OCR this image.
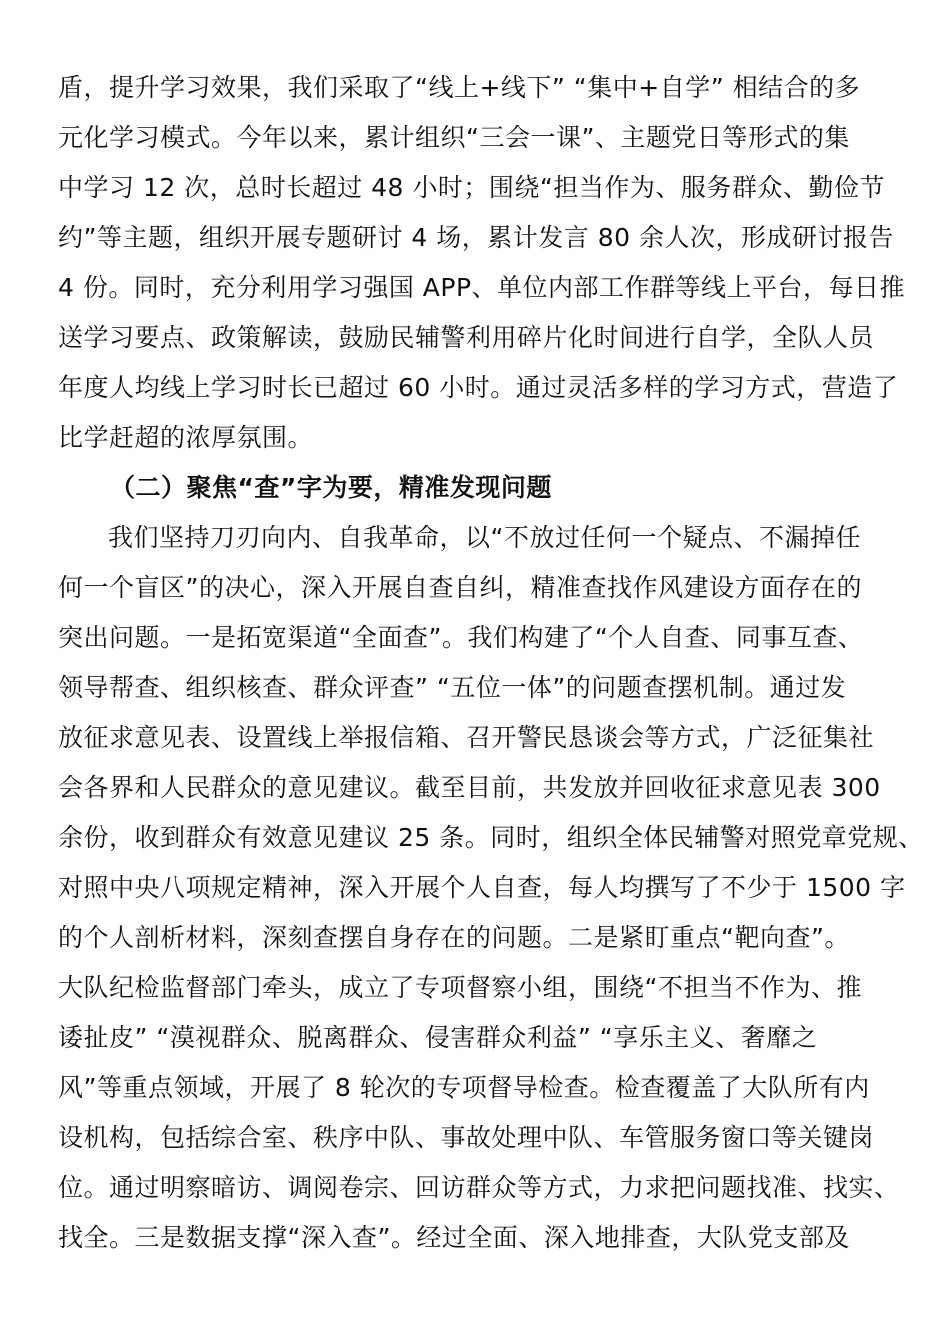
盾，提升学习效果，我们采取了“线上+线下” “集中+自学” 相结合的多
元化学习模式。今年以来，累计组织“三会一课”、主题党日等形式的集
中学习 12 次，总时长超过 48 小时；围绕“担当作为、服务群众、勤俭节
约”等主题，组织开展专题研讨 4 场，累计发言 80 余人次，形成研讨报告
4 份。同时，充分利用学习强国 APP、单位内部工作群等线上平台，每日推
送学习要点、政策解读，鼓励民辅警利用碎片化时间进行自学，全队人员
年度人均线上学习时长已超过 60 小时。通过灵活多样的学习方式，营造了
比学赶超的浓厚氛围。
（二）聚焦“查”字为要，精准发现问题
我们坚持刀刃向内、自我革命，以“不放过任何一个疑点、不漏掉任
何一个盲区”的决心，深入开展自查自纠，精准查找作风建设方面存在的
突出问题。一是拓宽渠道“全面查”。我们构建了“个人自查、同事互查、
领导帮查、组织核查、群众评查” “五位一体”的问题查摆机制。通过发
放征求意见表、设置线上举报信箱、召开警民恳谈会等方式，广泛征集社
会各界和人民群众的意见建议。截至目前，共发放并回收征求意见表 300
余份，收到群众有效意见建议 25 条。同时，组织全体民辅警对照党章党规、
对照中央八项规定精神，深入开展个人自查，每人均撰写了不少于 1500 字
的个人剖析材料，深刻查摆自身存在的问题。二是紧盯重点“靶向查”。
大队纪检监督部门牵头，成立了专项督察小组，围绕“不担当不作为、推
诿扯皮” “漠视群众、脱离群众、侵害群众利益” “享乐主义、奢靡之
风”等重点领域，开展了 8 轮次的专项督导检查。检查覆盖了大队所有内
设机构，包括综合室、秩序中队、事故处理中队、车管服务窗口等关键岗
位。通过明察暗访、调阅卷宗、回访群众等方式，力求把问题找准、找实、
找全。三是数据支撑“深入查”。经过全面、深入地排查，大队党支部及
